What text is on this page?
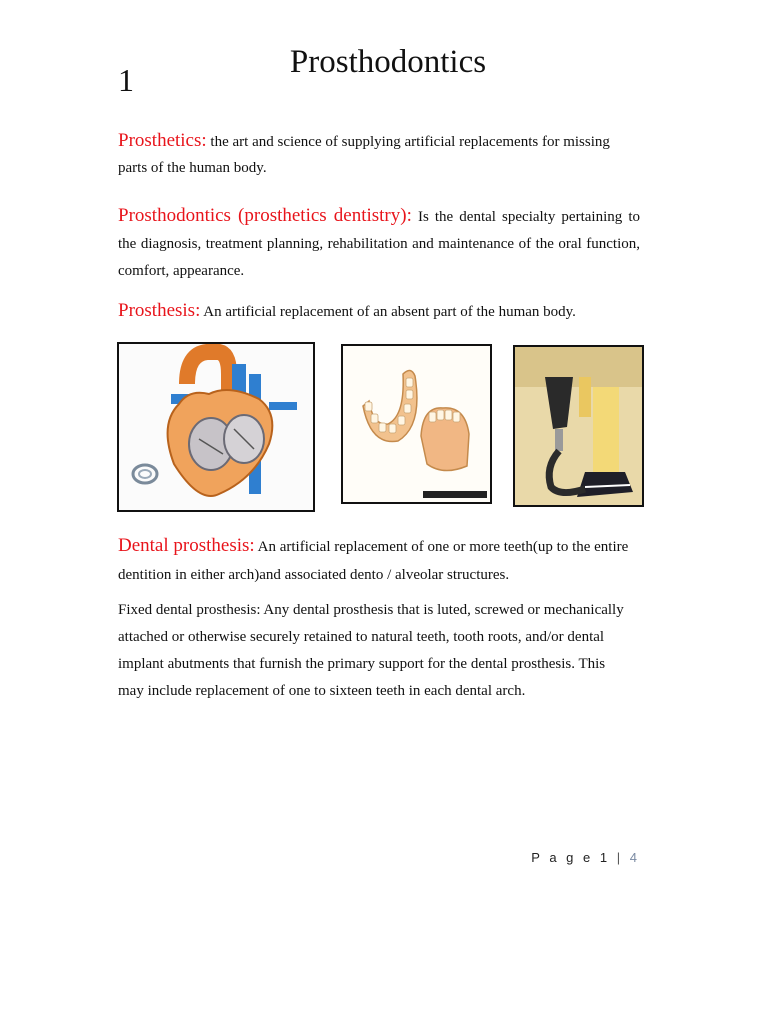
1	Prosthodontics
Prosthetics: the art and science of supplying artificial replacements for missing parts of the human body.
Prosthodontics (prosthetics dentistry): Is the dental specialty pertaining to the diagnosis, treatment planning, rehabilitation and maintenance of the oral function, comfort, appearance.
Prosthesis: An artificial replacement of an absent part of the human body.
Dental prosthesis: An artificial replacement of one or more teeth(up to the entire dentition in either arch)and associated dento / alveolar structures.
Fixed dental prosthesis: Any dental prosthesis that is luted, screwed or mechanically attached or otherwise securely retained to natural teeth, tooth roots, and/or dental implant abutments that furnish the primary support for the dental prosthesis. This may include replacement of one to sixteen teeth in each dental arch.
P a g e 1 | 4
